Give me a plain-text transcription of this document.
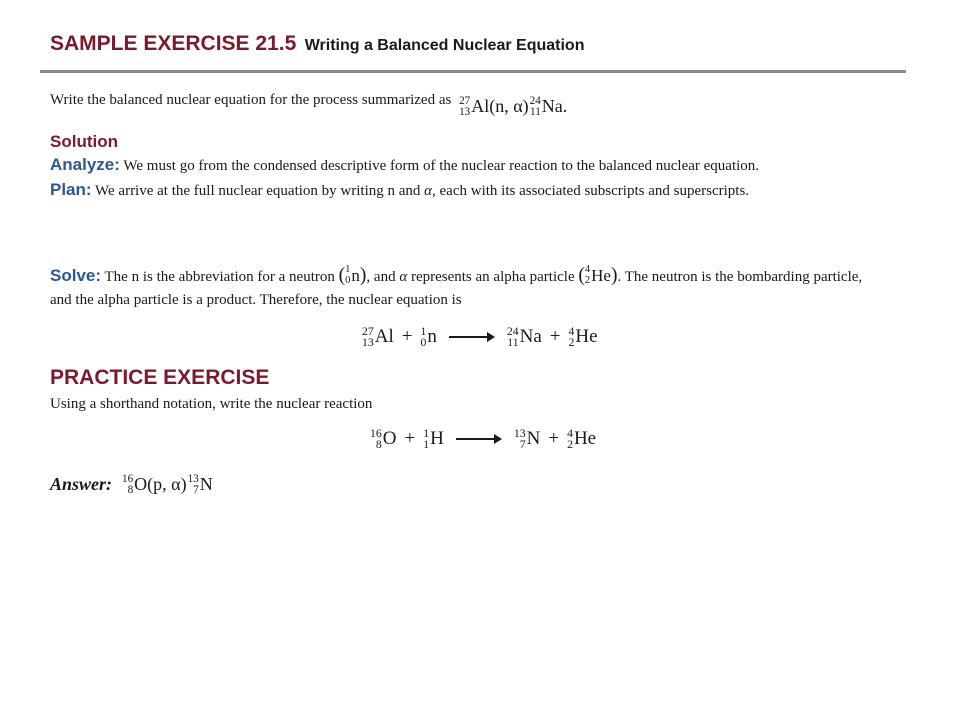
SAMPLE EXERCISE 21.5 Writing a Balanced Nuclear Equation
Write the balanced nuclear equation for the process summarized as 27
13 Al (n, α) 24
11 Na .
Solution
Analyze: We must go from the condensed descriptive form of the nuclear reaction to the balanced nuclear equation.
Plan: We arrive at the full nuclear equation by writing n and α, each with its associated subscripts and superscripts.
Solve: The n is the abbreviation for a neutron ( 1
0 n ) , and α represents an alpha particle ( 4
2 He ) . The neutron is the bombarding particle, and the alpha particle is a product. Therefore, the nuclear equation is
27
13 Al + 1
0 n	24
11 Na + 4
2 He
PRACTICE EXERCISE
Using a shorthand notation, write the nuclear reaction
16
8 O + 1
1 H	13
7 N + 4
2 He
Answer: 16
8 O (p, α) 13
7 N
